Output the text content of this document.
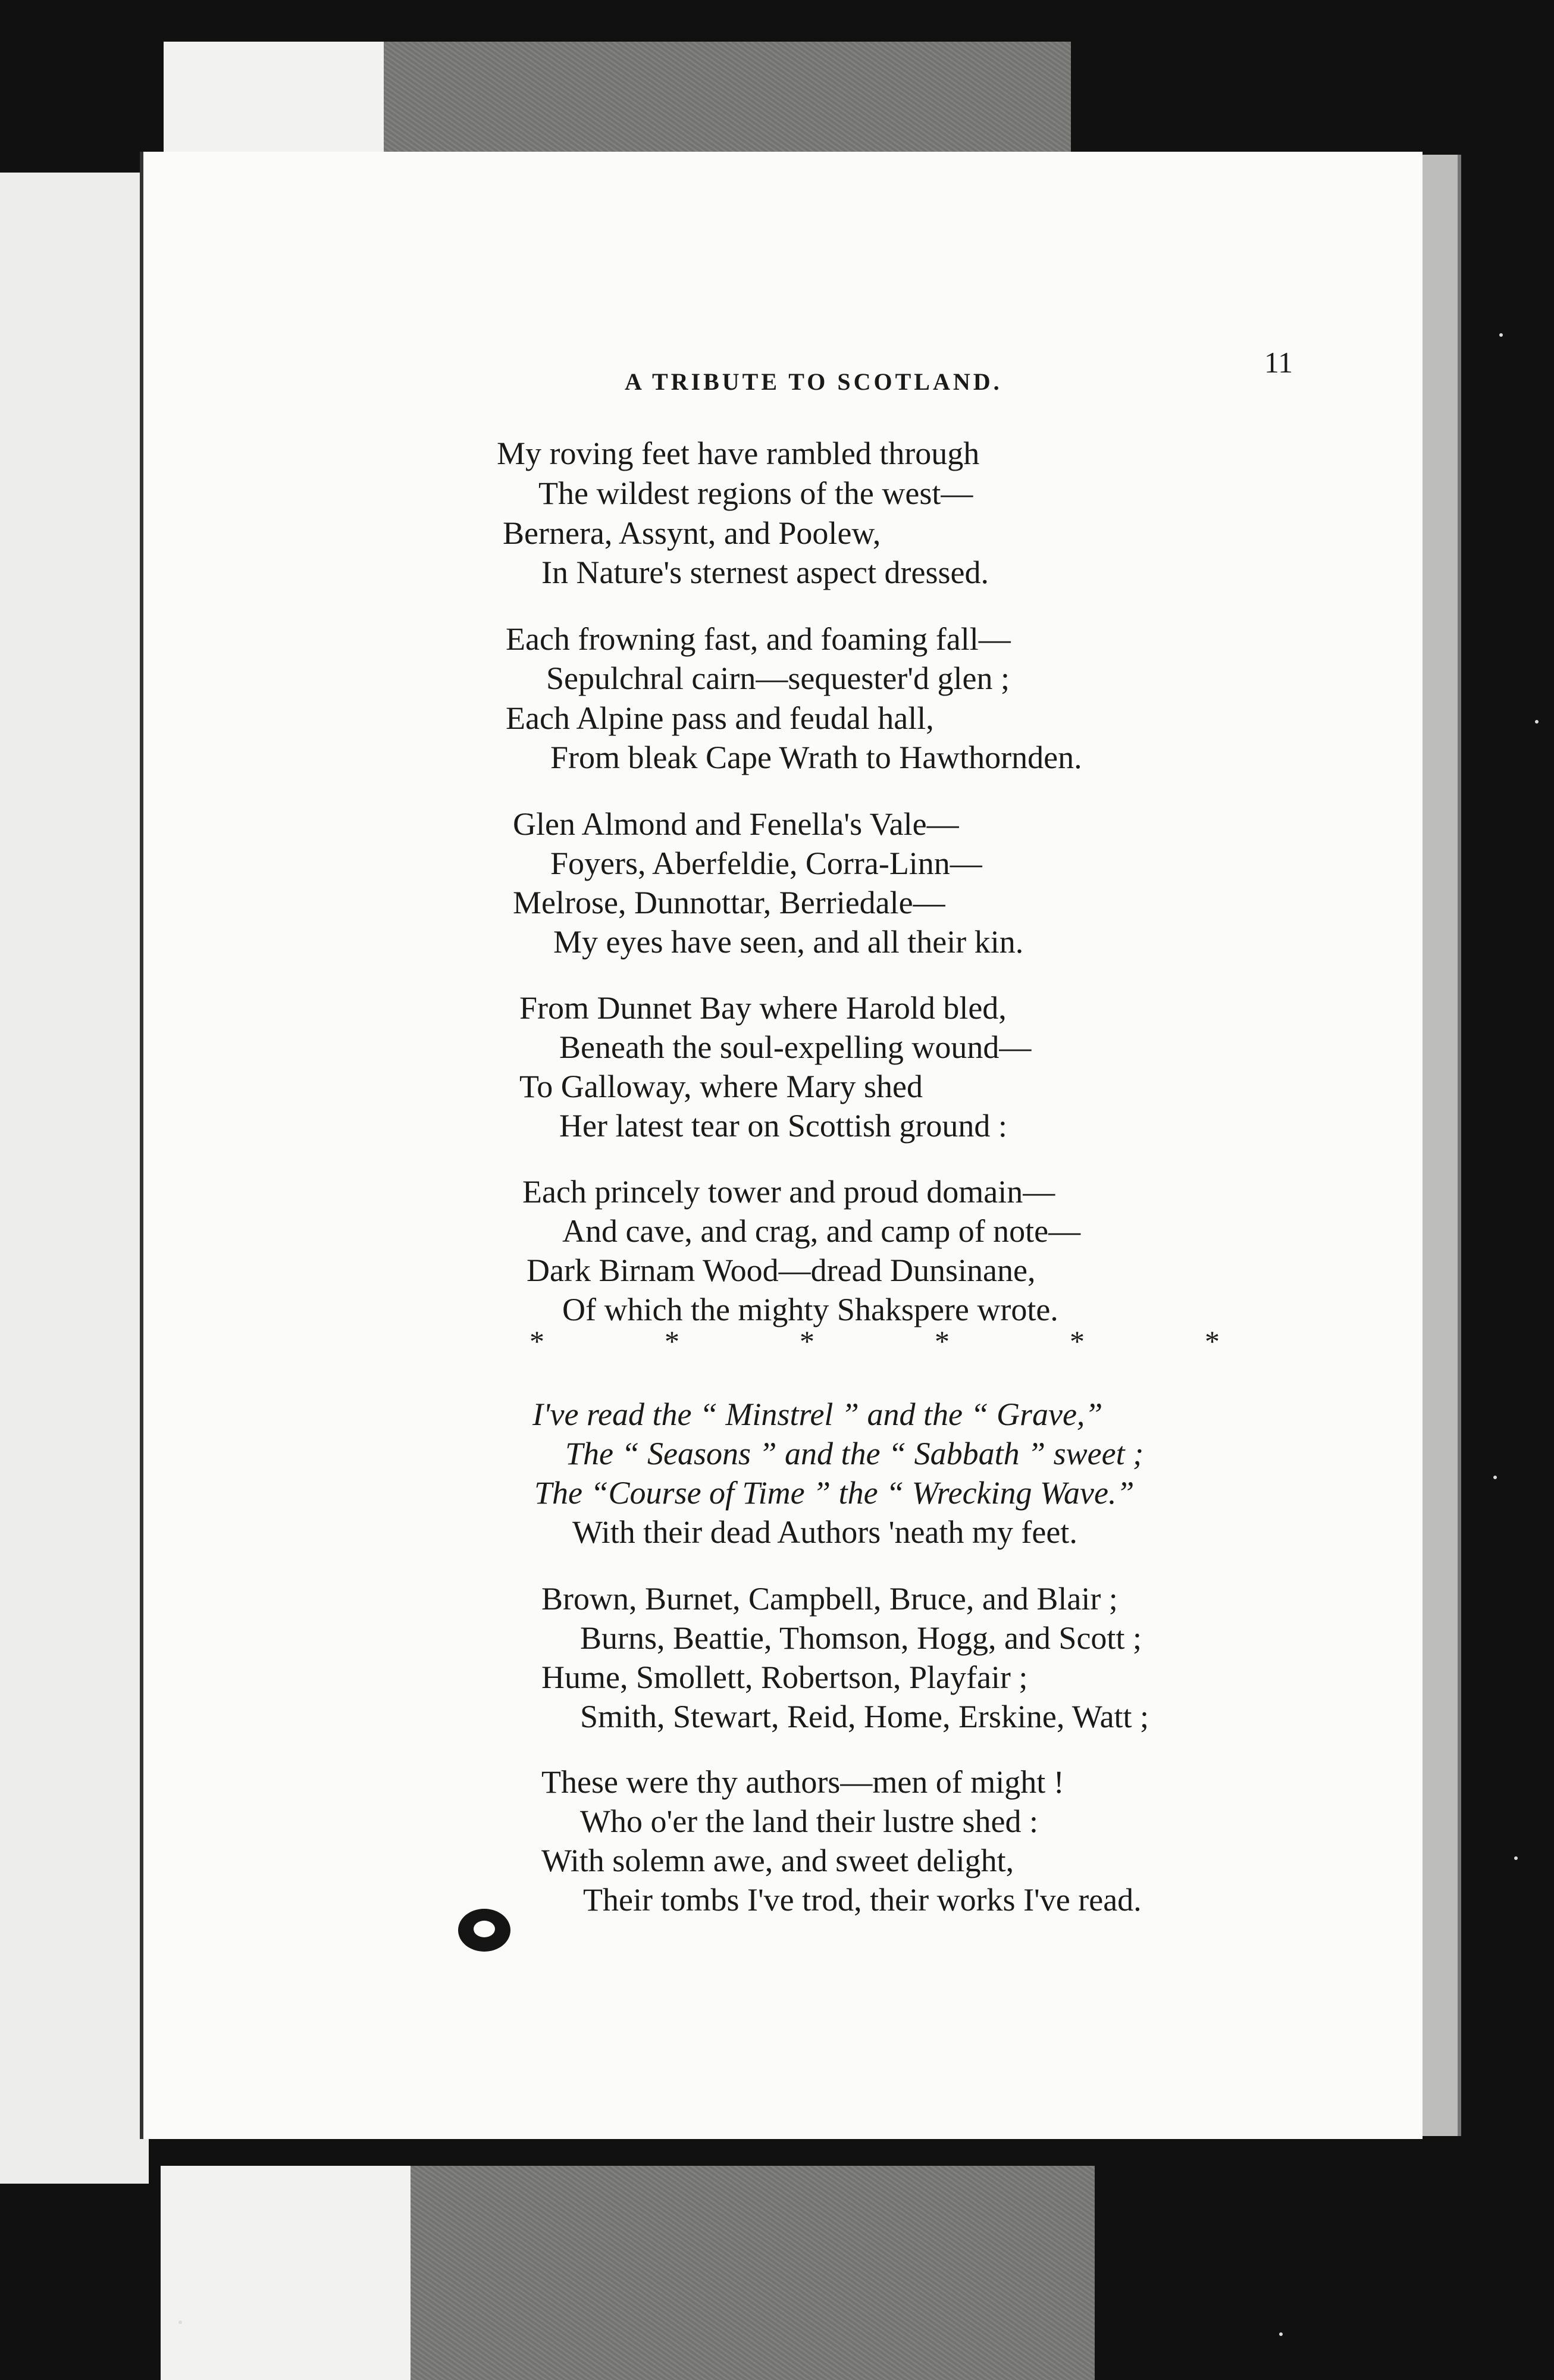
A TRIBUTE TO SCOTLAND.
11
My roving feet have rambled through
The wildest regions of the west—
Bernera, Assynt, and Poolew,
In Nature's sternest aspect dressed.
Each frowning fast, and foaming fall—
Sepulchral cairn—sequester'd glen ;
Each Alpine pass and feudal hall,
From bleak Cape Wrath to Hawthornden.
Glen Almond and Fenella's Vale—
Foyers, Aberfeldie, Corra-Linn—
Melrose, Dunnottar, Berriedale—
My eyes have seen, and all their kin.
From Dunnet Bay where Harold bled,
Beneath the soul-expelling wound—
To Galloway, where Mary shed
Her latest tear on Scottish ground :
Each princely tower and proud domain—
And cave, and crag, and camp of note—
Dark Birnam Wood—dread Dunsinane,
Of which the mighty Shakspere wrote.
*	*	*	*	*	*
I've read the “ Minstrel ” and the “ Grave,”
The “ Seasons ” and the “ Sabbath ” sweet ;
The “Course of Time ” the “ Wrecking Wave.”
With their dead Authors 'neath my feet.
Brown, Burnet, Campbell, Bruce, and Blair ;
Burns, Beattie, Thomson, Hogg, and Scott ;
Hume, Smollett, Robertson, Playfair ;
Smith, Stewart, Reid, Home, Erskine, Watt ;
These were thy authors—men of might !
Who o'er the land their lustre shed :
With solemn awe, and sweet delight,
Their tombs I've trod, their works I've read.
